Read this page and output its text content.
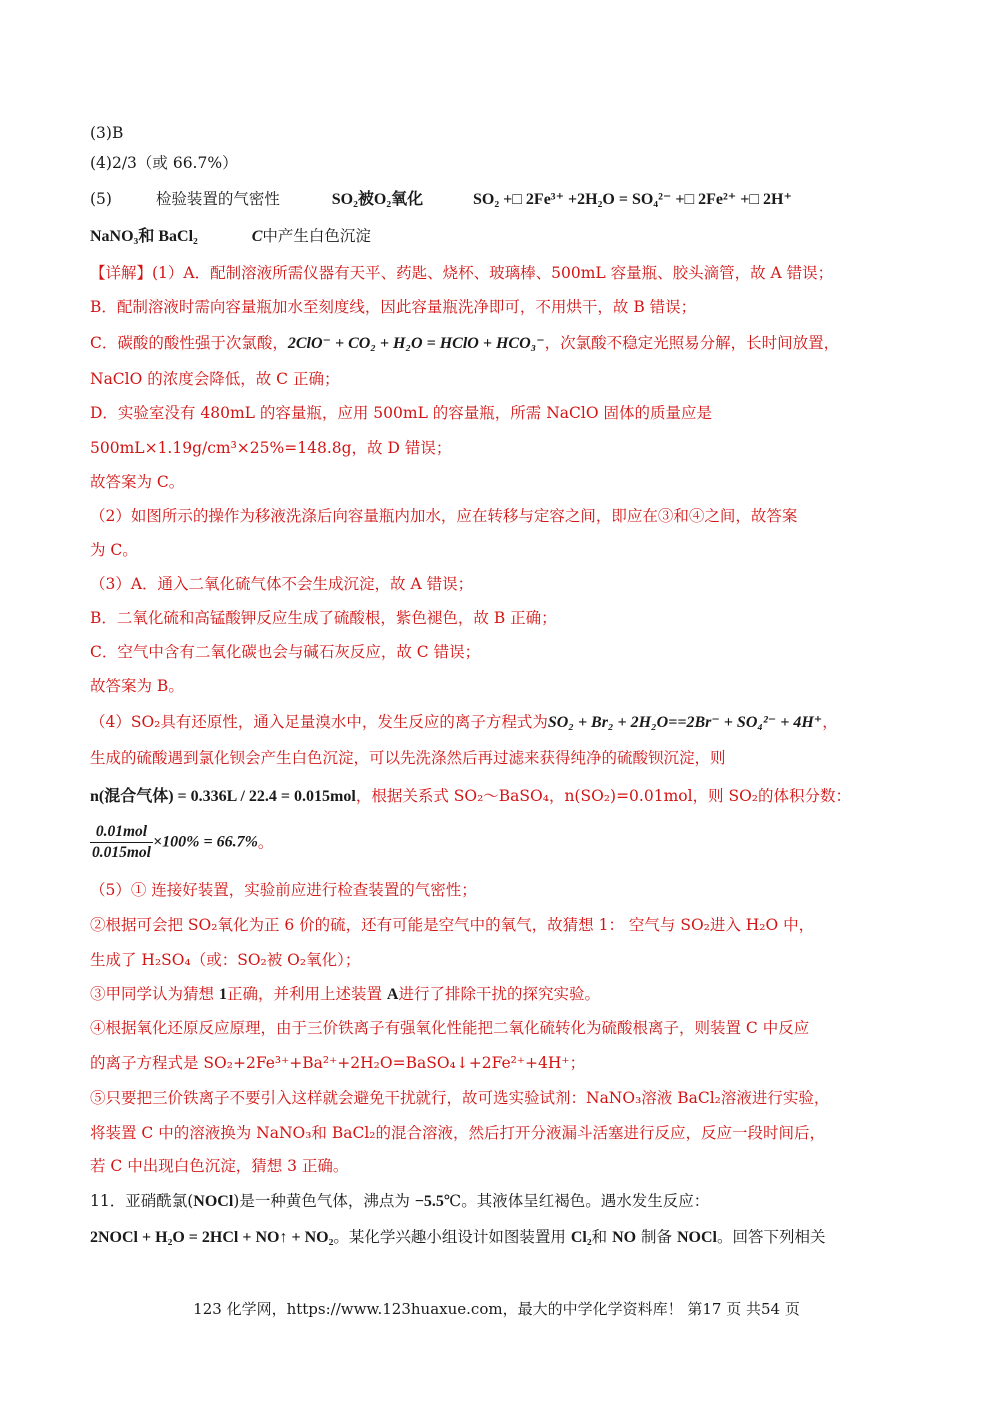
(3)B
(4)2/3（或 66.7%）
(5)	检验装置的气密性	SO₂被O₂氧化	SO₂ +□ 2Fe³⁺ +2H₂O = SO₄²⁻ +□ 2Fe²⁺ +□ 2H⁺
NaNO₃和 BaCl₂	C中产生白色沉淀
【详解】(1）A．配制溶液所需仪器有天平、药匙、烧杯、玻璃棒、500mL 容量瓶、胶头滴管，故 A 错误；
B．配制溶液时需向容量瓶加水至刻度线，因此容量瓶洗净即可，不用烘干，故 B 错误；
C．碳酸的酸性强于次氯酸，2ClO⁻ + CO₂ + H₂O = HClO + HCO₃⁻，次氯酸不稳定光照易分解，长时间放置，
NaClO 的浓度会降低，故 C 正确；
D．实验室没有 480mL 的容量瓶，应用 500mL 的容量瓶，所需 NaClO 固体的质量应是
500mL×1.19g/cm³×25%=148.8g，故 D 错误；
故答案为 C。
（2）如图所示的操作为移液洗涤后向容量瓶内加水，应在转移与定容之间，即应在③和④之间，故答案
为 C。
（3）A．通入二氧化硫气体不会生成沉淀，故 A 错误；
B．二氧化硫和高锰酸钾反应生成了硫酸根，紫色褪色，故 B 正确；
C．空气中含有二氧化碳也会与碱石灰反应，故 C 错误；
故答案为 B。
（4）SO₂具有还原性，通入足量溴水中，发生反应的离子方程式为SO₂ + Br₂ + 2H₂O==2Br⁻ + SO₄²⁻ + 4H⁺，
生成的硫酸遇到氯化钡会产生白色沉淀，可以先洗涤然后再过滤来获得纯净的硫酸钡沉淀，则
n(混合气体) = 0.336L / 22.4 = 0.015mol，根据关系式 SO₂～BaSO₄，n(SO₂)=0.01mol，则 SO₂的体积分数：
$\frac{\text{0.01mol}}{\text{0.015mol}} \times 100\% = 66.7\%$。
（5）① 连接好装置，实验前应进行检查装置的气密性；
②根据可会把 SO₂氧化为正 6 价的硫，还有可能是空气中的氧气，故猜想 1： 空气与 SO₂进入 H₂O 中，
生成了 H₂SO₄（或：SO₂被 O₂氧化）；
③甲同学认为猜想 1正确，并利用上述装置 A进行了排除干扰的探究实验。
④根据氧化还原反应原理，由于三价铁离子有强氧化性能把二氧化硫转化为硫酸根离子，则装置 C 中反应
的离子方程式是 SO₂+2Fe³⁺+Ba²⁺+2H₂O=BaSO₄↓+2Fe²⁺+4H⁺；
⑤只要把三价铁离子不要引入这样就会避免干扰就行，故可选实验试剂：NaNO₃溶液 BaCl₂溶液进行实验，
将装置 C 中的溶液换为 NaNO₃和 BaCl₂的混合溶液，然后打开分液漏斗活塞进行反应，反应一段时间后，
若 C 中出现白色沉淀，猜想 3 正确。
11．亚硝酰氯(NOCl)是一种黄色气体，沸点为 −5.5℃。其液体呈红褐色。遇水发生反应：
2NOCl + H₂O = 2HCl + NO↑ + NO₂。某化学兴趣小组设计如图装置用 Cl₂和 NO 制备 NOCl。回答下列相关
123 化学网，https://www.123huaxue.com，最大的中学化学资料库！ 第17 页 共54 页
